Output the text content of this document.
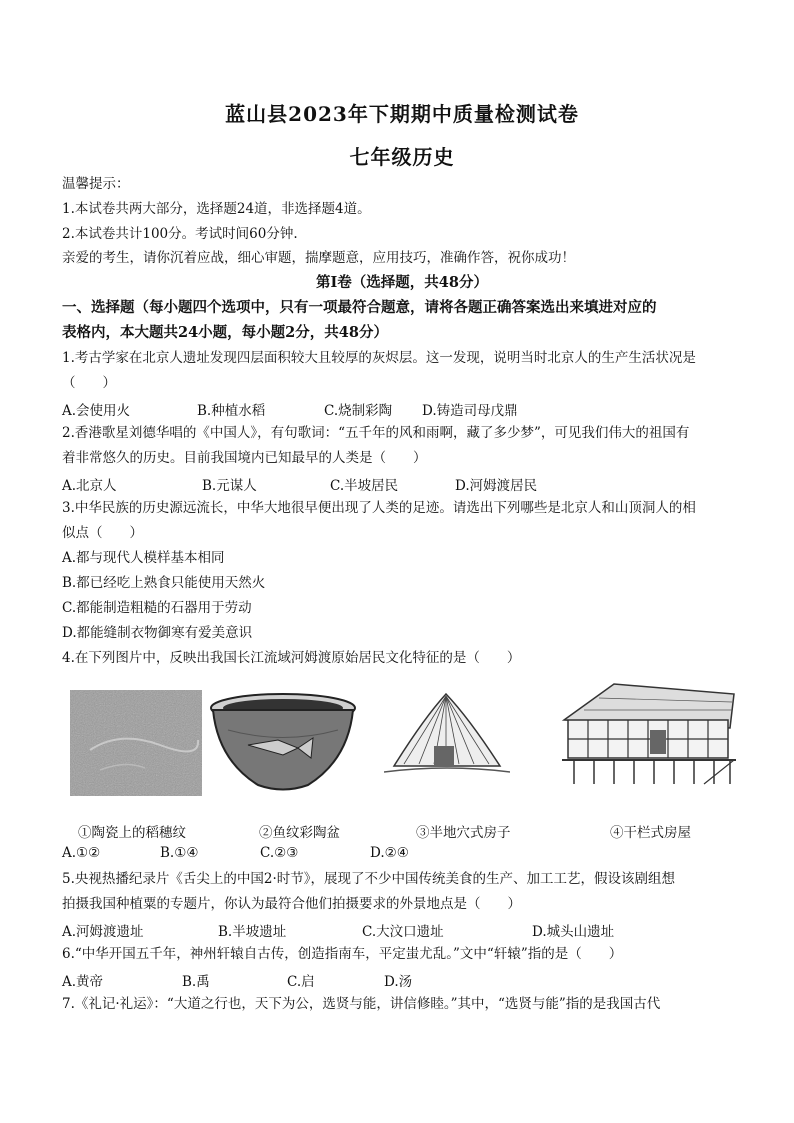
蓝山县2023年下期期中质量检测试卷
七年级历史
温馨提示：
1.本试卷共两大部分，选择题24道，非选择题4道。
2.本试卷共计100分。考试时间60分钟.
亲爱的考生，请你沉着应战，细心审题，揣摩题意，应用技巧，准确作答，祝你成功！
第Ⅰ卷（选择题，共48分）
一、选择题（每小题四个选项中，只有一项最符合题意，请将各题正确答案选出来填进对应的
表格内，本大题共24小题，每小题2分，共48分）
1.考古学家在北京人遗址发现四层面积较大且较厚的灰烬层。这一发现，说明当时北京人的生产生活状况是
（　　）
A.会使用火	B.种植水稻	C.烧制彩陶 D.铸造司母戊鼎
2.香港歌星刘德华唱的《中国人》，有句歌词：“五千年的风和雨啊，藏了多少梦”，可见我们伟大的祖国有
着非常悠久的历史。目前我国境内已知最早的人类是（　　）
A.北京人	B.元谋人	C.半坡居民	D.河姆渡居民
3.中华民族的历史源远流长，中华大地很早便出现了人类的足迹。请选出下列哪些是北京人和山顶洞人的相
似点（　　）
A.都与现代人模样基本相同
B.都已经吃上熟食只能使用天然火
C.都能制造粗糙的石器用于劳动
D.都能缝制衣物御寒有爱美意识
4.在下列图片中，反映出我国长江流域河姆渡原始居民文化特征的是（　　）
①陶瓷上的稻穗纹	②鱼纹彩陶盆	③半地穴式房子	④干栏式房屋
A.①②	B.①④	C.②③	D.②④
5.央视热播纪录片《舌尖上的中国2·时节》，展现了不少中国传统美食的生产、加工工艺，假设该剧组想
拍摄我国种植粟的专题片，你认为最符合他们拍摄要求的外景地点是（　　）
A.河姆渡遗址	B.半坡遗址	C.大汶口遗址	D.城头山遗址
6.“中华开国五千年，神州轩辕自古传，创造指南车，平定蚩尤乱。”文中“轩辕”指的是（　　）
A.黄帝	B.禹	C.启	D.汤
7.《礼记·礼运》：“大道之行也，天下为公，选贤与能，讲信修睦。”其中，“选贤与能”指的是我国古代
